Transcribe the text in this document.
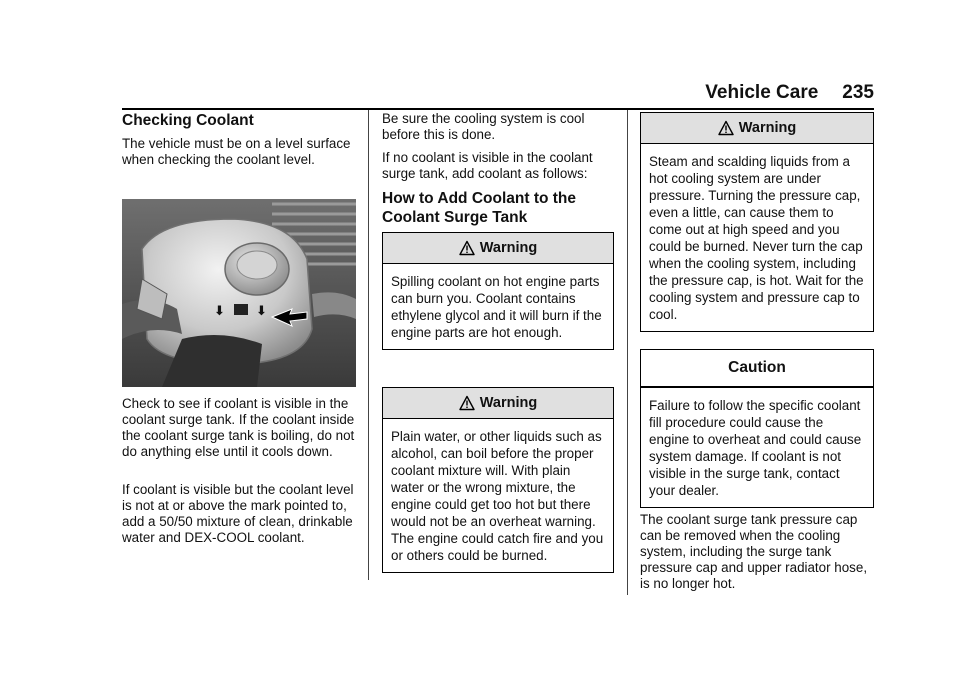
Vehicle Care 235
Checking Coolant

The vehicle must be on a level surface when checking the coolant level.

⬇ ⬇

Check to see if coolant is visible in the coolant surge tank. If the coolant inside the coolant surge tank is boiling, do not do anything else until it cools down.

If coolant is visible but the coolant level is not at or above the mark pointed to, add a 50/50 mixture of clean, drinkable water and DEX-COOL coolant.

Be sure the cooling system is cool before this is done.

If no coolant is visible in the coolant surge tank, add coolant as follows:

How to Add Coolant to the Coolant Surge Tank
Warning
Spilling coolant on hot engine parts can burn you. Coolant contains ethylene glycol and it will burn if the engine parts are hot enough.
Warning
Plain water, or other liquids such as alcohol, can boil before the proper coolant mixture will. With plain water or the wrong mixture, the engine could get too hot but there would not be an overheat warning. The engine could catch fire and you or others could be burned.
Warning
Steam and scalding liquids from a hot cooling system are under pressure. Turning the pressure cap, even a little, can cause them to come out at high speed and you could be burned. Never turn the cap when the cooling system, including the pressure cap, is hot. Wait for the cooling system and pressure cap to cool.
Caution
Failure to follow the specific coolant fill procedure could cause the engine to overheat and could cause system damage. If coolant is not visible in the surge tank, contact your dealer.

The coolant surge tank pressure cap can be removed when the cooling system, including the surge tank pressure cap and upper radiator hose, is no longer hot.
